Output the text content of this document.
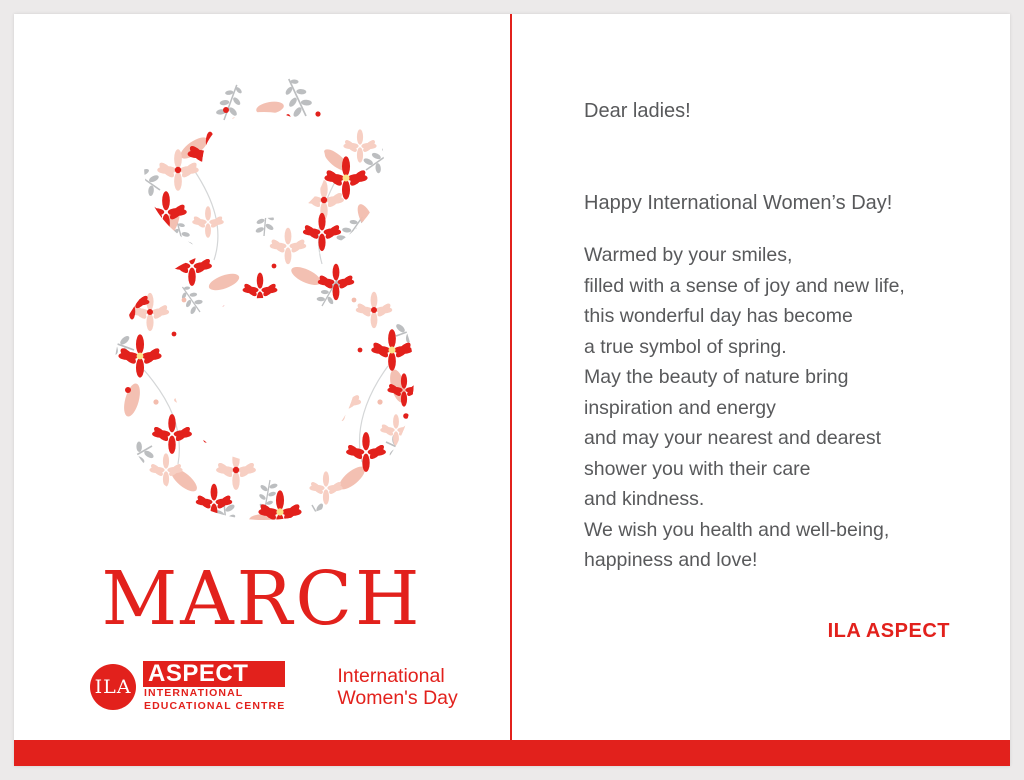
MARCH
ILA
ASPECT
INTERNATIONAL
EDUCATIONAL CENTRE
International
Women's Day
Dear ladies!
Happy International Women’s Day!
Warmed by your smiles,
filled with a sense of joy and new life,
this wonderful day has become
a true symbol of spring.
May the beauty of nature bring
inspiration and energy
and may your nearest and dearest
shower you with their care
and kindness.
We wish you health and well-being,
happiness and love!
ILA ASPECT
